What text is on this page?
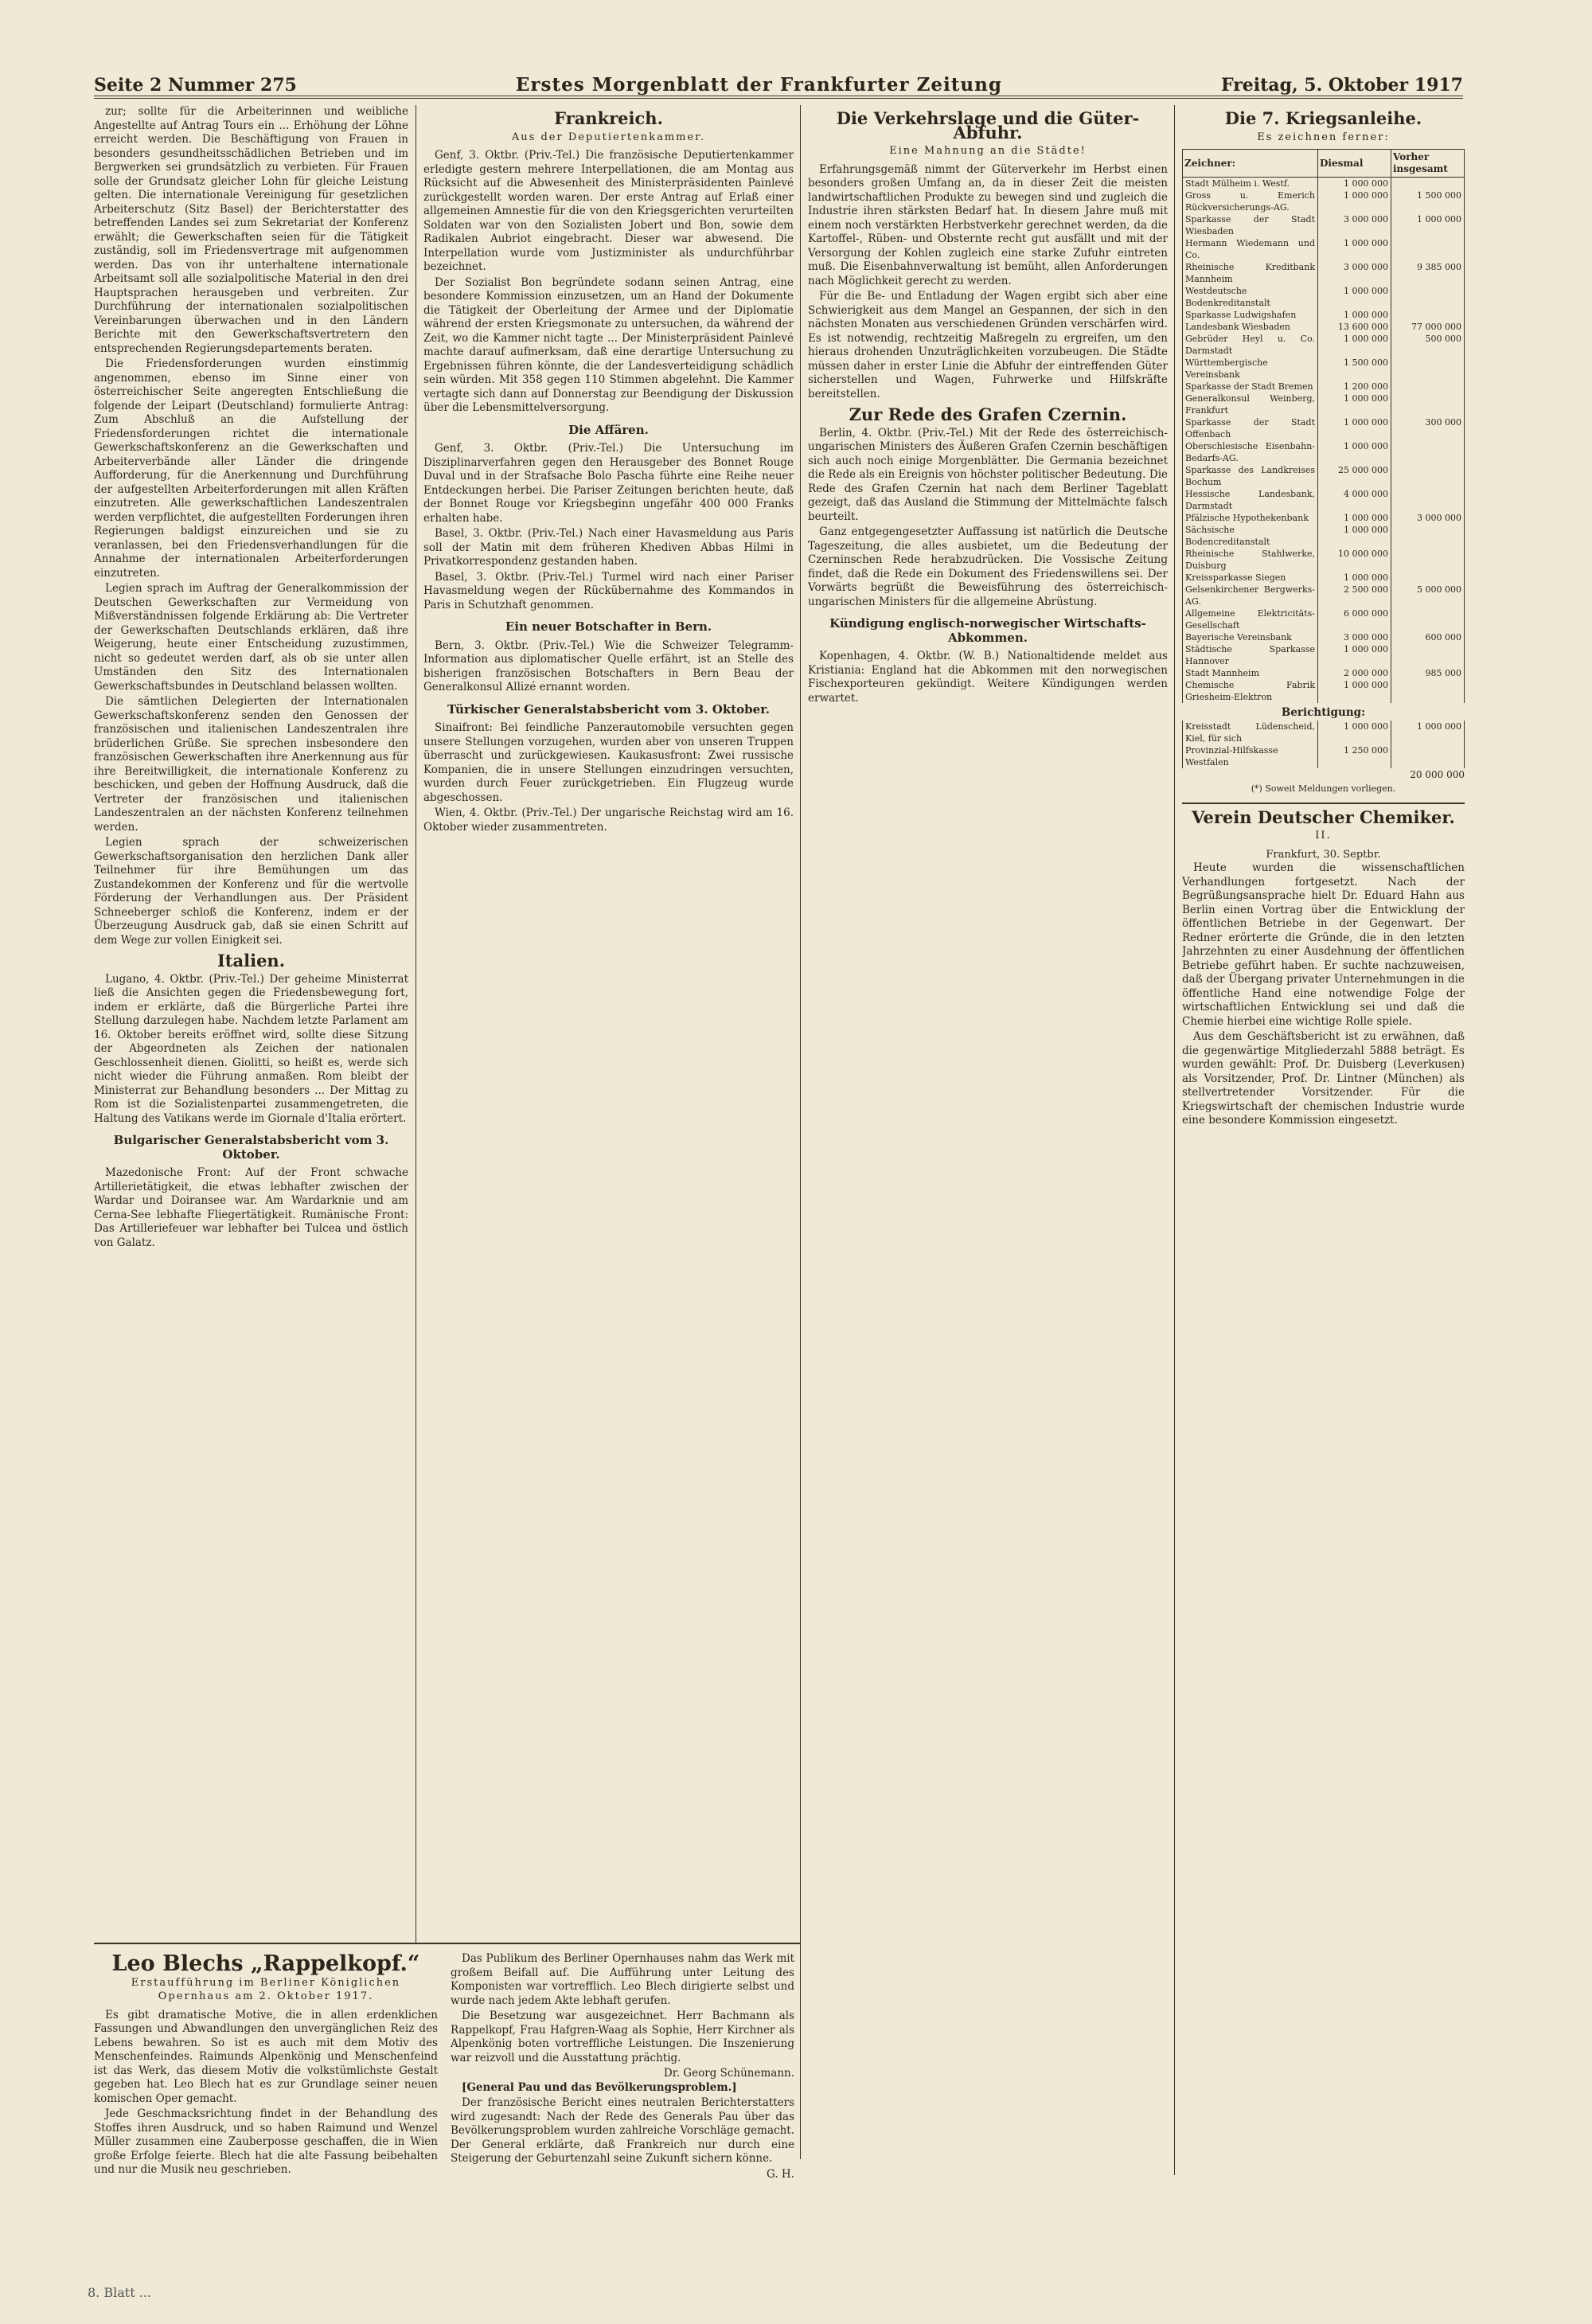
Seite 2 Nummer 275	Erstes Morgenblatt der Frankfurter Zeitung	Freitag, 5. Oktober 1917

zur; sollte für die Arbeiterinnen und weibliche Angestellte auf Antrag Tours ein ... Erhöhung der Löhne erreicht werden. Die Beschäftigung von Frauen in besonders gesundheitsschädlichen Betrieben und im Bergwerken sei grundsätzlich zu verbieten. Für Frauen solle der Grundsatz gleicher Lohn für gleiche Leistung gelten. Die internationale Vereinigung für gesetzlichen Arbeiterschutz (Sitz Basel) der Berichterstatter des betreffenden Landes sei zum Sekretariat der Konferenz erwählt; die Gewerkschaften seien für die Tätigkeit zuständig, soll im Friedensvertrage mit aufgenommen werden. Das von ihr unterhaltene internationale Arbeitsamt soll alle sozialpolitische Material in den drei Hauptsprachen herausgeben und verbreiten. Zur Durchführung der internationalen sozialpolitischen Vereinbarungen überwachen und in den Ländern Berichte mit den Gewerkschaftsvertretern den entsprechenden Regierungsdepartements beraten.

Die Friedensforderungen wurden einstimmig angenommen, ebenso im Sinne einer von österreichischer Seite angeregten Entschließung die folgende der Leipart (Deutschland) formulierte Antrag: Zum Abschluß an die Aufstellung der Friedensforderungen richtet die internationale Gewerkschaftskonferenz an die Gewerkschaften und Arbeiterverbände aller Länder die dringende Aufforderung, für die Anerkennung und Durchführung der aufgestellten Arbeiterforderungen mit allen Kräften einzutreten. Alle gewerkschaftlichen Landeszentralen werden verpflichtet, die aufgestellten Forderungen ihren Regierungen baldigst einzureichen und sie zu veranlassen, bei den Friedensverhandlungen für die Annahme der internationalen Arbeiterforderungen einzutreten.

Legien sprach im Auftrag der Generalkommission der Deutschen Gewerkschaften zur Vermeidung von Mißverständnissen folgende Erklärung ab: Die Vertreter der Gewerkschaften Deutschlands erklären, daß ihre Weigerung, heute einer Entscheidung zuzustimmen, nicht so gedeutet werden darf, als ob sie unter allen Umständen den Sitz des Internationalen Gewerkschaftsbundes in Deutschland belassen wollten.

Die sämtlichen Delegierten der Internationalen Gewerkschaftskonferenz senden den Genossen der französischen und italienischen Landeszentralen ihre brüderlichen Grüße. Sie sprechen insbesondere den französischen Gewerkschaften ihre Anerkennung aus für ihre Bereitwilligkeit, die internationale Konferenz zu beschicken, und geben der Hoffnung Ausdruck, daß die Vertreter der französischen und italienischen Landeszentralen an der nächsten Konferenz teilnehmen werden.

Legien sprach der schweizerischen Gewerkschaftsorganisation den herzlichen Dank aller Teilnehmer für ihre Bemühungen um das Zustandekommen der Konferenz und für die wertvolle Förderung der Verhandlungen aus. Der Präsident Schneeberger schloß die Konferenz, indem er der Überzeugung Ausdruck gab, daß sie einen Schritt auf dem Wege zur vollen Einigkeit sei.

Italien.

Lugano, 4. Oktbr. (Priv.-Tel.) Der geheime Ministerrat ließ die Ansichten gegen die Friedensbewegung fort, indem er erklärte, daß die Bürgerliche Partei ihre Stellung darzulegen habe. Nachdem letzte Parlament am 16. Oktober bereits eröffnet wird, sollte diese Sitzung der Abgeordneten als Zeichen der nationalen Geschlossenheit dienen. Giolitti, so heißt es, werde sich nicht wieder die Führung anmaßen. Rom bleibt der Ministerrat zur Behandlung besonders ... Der Mittag zu Rom ist die Sozialistenpartei zusammengetreten, die Haltung des Vatikans werde im Giornale d'Italia erörtert.

Bulgarischer Generalstabsbericht vom 3. Oktober.

Mazedonische Front: Auf der Front schwache Artillerietätigkeit, die etwas lebhafter zwischen der Wardar und Doiransee war. Am Wardarknie und am Cerna-See lebhafte Fliegertätigkeit. Rumänische Front: Das Artilleriefeuer war lebhafter bei Tulcea und östlich von Galatz.

Frankreich.
Aus der Deputiertenkammer.

Genf, 3. Oktbr. (Priv.-Tel.) Die französische Deputiertenkammer erledigte gestern mehrere Interpellationen, die am Montag aus Rücksicht auf die Abwesenheit des Ministerpräsidenten Painlevé zurückgestellt worden waren. Der erste Antrag auf Erlaß einer allgemeinen Amnestie für die von den Kriegsgerichten verurteilten Soldaten war von den Sozialisten Jobert und Bon, sowie dem Radikalen Aubriot eingebracht. Dieser war abwesend. Die Interpellation wurde vom Justizminister als undurchführbar bezeichnet.

Der Sozialist Bon begründete sodann seinen Antrag, eine besondere Kommission einzusetzen, um an Hand der Dokumente die Tätigkeit der Oberleitung der Armee und der Diplomatie während der ersten Kriegsmonate zu untersuchen, da während der Zeit, wo die Kammer nicht tagte ... Der Ministerpräsident Painlevé machte darauf aufmerksam, daß eine derartige Untersuchung zu Ergebnissen führen könnte, die der Landesverteidigung schädlich sein würden. Mit 358 gegen 110 Stimmen abgelehnt. Die Kammer vertagte sich dann auf Donnerstag zur Beendigung der Diskussion über die Lebensmittelversorgung.

Die Affären.

Genf, 3. Oktbr. (Priv.-Tel.) Die Untersuchung im Disziplinarverfahren gegen den Herausgeber des Bonnet Rouge Duval und in der Strafsache Bolo Pascha führte eine Reihe neuer Entdeckungen herbei. Die Pariser Zeitungen berichten heute, daß der Bonnet Rouge vor Kriegsbeginn ungefähr 400 000 Franks erhalten habe.

Basel, 3. Oktbr. (Priv.-Tel.) Nach einer Havasmeldung aus Paris soll der Matin mit dem früheren Khediven Abbas Hilmi in Privatkorrespondenz gestanden haben.

Basel, 3. Oktbr. (Priv.-Tel.) Turmel wird nach einer Pariser Havasmeldung wegen der Rückübernahme des Kommandos in Paris in Schutzhaft genommen.

Ein neuer Botschafter in Bern.

Bern, 3. Oktbr. (Priv.-Tel.) Wie die Schweizer Telegramm-Information aus diplomatischer Quelle erfährt, ist an Stelle des bisherigen französischen Botschafters in Bern Beau der Generalkonsul Allizé ernannt worden.

Türkischer Generalstabsbericht vom 3. Oktober.

Sinaifront: Bei feindliche Panzerautomobile versuchten gegen unsere Stellungen vorzugehen, wurden aber von unseren Truppen überrascht und zurückgewiesen. Kaukasusfront: Zwei russische Kompanien, die in unsere Stellungen einzudringen versuchten, wurden durch Feuer zurückgetrieben. Ein Flugzeug wurde abgeschossen.

Wien, 4. Oktbr. (Priv.-Tel.) Der ungarische Reichstag wird am 16. Oktober wieder zusammentreten.

Die Verkehrslage und die Güter-Abfuhr.
Eine Mahnung an die Städte!

Erfahrungsgemäß nimmt der Güterverkehr im Herbst einen besonders großen Umfang an, da in dieser Zeit die meisten landwirtschaftlichen Produkte zu bewegen sind und zugleich die Industrie ihren stärksten Bedarf hat. In diesem Jahre muß mit einem noch verstärkten Herbstverkehr gerechnet werden, da die Kartoffel-, Rüben- und Obsternte recht gut ausfällt und mit der Versorgung der Kohlen zugleich eine starke Zufuhr eintreten muß. Die Eisenbahnverwaltung ist bemüht, allen Anforderungen nach Möglichkeit gerecht zu werden.

Für die Be- und Entladung der Wagen ergibt sich aber eine Schwierigkeit aus dem Mangel an Gespannen, der sich in den nächsten Monaten aus verschiedenen Gründen verschärfen wird. Es ist notwendig, rechtzeitig Maßregeln zu ergreifen, um den hieraus drohenden Unzuträglichkeiten vorzubeugen. Die Städte müssen daher in erster Linie die Abfuhr der eintreffenden Güter sicherstellen und Wagen, Fuhrwerke und Hilfskräfte bereitstellen.

Zur Rede des Grafen Czernin.

Berlin, 4. Oktbr. (Priv.-Tel.) Mit der Rede des österreichisch-ungarischen Ministers des Äußeren Grafen Czernin beschäftigen sich auch noch einige Morgenblätter. Die Germania bezeichnet die Rede als ein Ereignis von höchster politischer Bedeutung. Die Rede des Grafen Czernin hat nach dem Berliner Tageblatt gezeigt, daß das Ausland die Stimmung der Mittelmächte falsch beurteilt.

Ganz entgegengesetzter Auffassung ist natürlich die Deutsche Tageszeitung, die alles ausbietet, um die Bedeutung der Czerninschen Rede herabzudrücken. Die Vossische Zeitung findet, daß die Rede ein Dokument des Friedenswillens sei. Der Vorwärts begrüßt die Beweisführung des österreichisch-ungarischen Ministers für die allgemeine Abrüstung.

Kündigung englisch-norwegischer Wirtschafts-Abkommen.

Kopenhagen, 4. Oktbr. (W. B.) Nationaltidende meldet aus Kristiania: England hat die Abkommen mit den norwegischen Fischexporteuren gekündigt. Weitere Kündigungen werden erwartet.

Die 7. Kriegsanleihe.
Es zeichnen ferner:
Zeichner:	Diesmal	Vorher insgesamt
Stadt Mülheim i. Westf.	1 000 000	
Gross u. Emerich Rückversicherungs-AG.	1 000 000	1 500 000
Sparkasse der Stadt Wiesbaden	3 000 000	1 000 000
Hermann Wiedemann und Co.	1 000 000	
Rheinische Kreditbank Mannheim	3 000 000	9 385 000
Westdeutsche Bodenkreditanstalt	1 000 000	
Sparkasse Ludwigshafen	1 000 000	
Landesbank Wiesbaden	13 600 000	77 000 000
Gebrüder Heyl u. Co. Darmstadt	1 000 000	500 000
Württembergische Vereinsbank	1 500 000	
Sparkasse der Stadt Bremen	1 200 000	
Generalkonsul Weinberg, Frankfurt	1 000 000	
Sparkasse der Stadt Offenbach	1 000 000	300 000
Oberschlesische Eisenbahn-Bedarfs-AG.	1 000 000	
Sparkasse des Landkreises Bochum	25 000 000	
Hessische Landesbank, Darmstadt	4 000 000	
Pfälzische Hypothekenbank	1 000 000	3 000 000
Sächsische Bodencreditanstalt	1 000 000	
Rheinische Stahlwerke, Duisburg	10 000 000	
Kreissparkasse Siegen	1 000 000	
Gelsenkirchener Bergwerks-AG.	2 500 000	5 000 000
Allgemeine Elektricitäts-Gesellschaft	6 000 000	
Bayerische Vereinsbank	3 000 000	600 000
Städtische Sparkasse Hannover	1 000 000	
Stadt Mannheim	2 000 000	985 000
Chemische Fabrik Griesheim-Elektron	1 000 000	
Berichtigung:
Kreisstadt Lüdenscheid, Kiel, für sich	1 000 000	1 000 000
Provinzial-Hilfskasse Westfalen	1 250 000	
20 000 000
(*) Soweit Meldungen vorliegen.
Verein Deutscher Chemiker.
II.
Frankfurt, 30. Septbr.

Heute wurden die wissenschaftlichen Verhandlungen fortgesetzt. Nach der Begrüßungsansprache hielt Dr. Eduard Hahn aus Berlin einen Vortrag über die Entwicklung der öffentlichen Betriebe in der Gegenwart. Der Redner erörterte die Gründe, die in den letzten Jahrzehnten zu einer Ausdehnung der öffentlichen Betriebe geführt haben. Er suchte nachzuweisen, daß der Übergang privater Unternehmungen in die öffentliche Hand eine notwendige Folge der wirtschaftlichen Entwicklung sei und daß die Chemie hierbei eine wichtige Rolle spiele.

Aus dem Geschäftsbericht ist zu erwähnen, daß die gegenwärtige Mitgliederzahl 5888 beträgt. Es wurden gewählt: Prof. Dr. Duisberg (Leverkusen) als Vorsitzender, Prof. Dr. Lintner (München) als stellvertretender Vorsitzender. Für die Kriegswirtschaft der chemischen Industrie wurde eine besondere Kommission eingesetzt.

Leo Blechs „Rappelkopf.“
Erstaufführung im Berliner Königlichen Opernhaus am 2. Oktober 1917.

Es gibt dramatische Motive, die in allen erdenklichen Fassungen und Abwandlungen den unvergänglichen Reiz des Lebens bewahren. So ist es auch mit dem Motiv des Menschenfeindes. Raimunds Alpenkönig und Menschenfeind ist das Werk, das diesem Motiv die volkstümlichste Gestalt gegeben hat. Leo Blech hat es zur Grundlage seiner neuen komischen Oper gemacht.

Jede Geschmacksrichtung findet in der Behandlung des Stoffes ihren Ausdruck, und so haben Raimund und Wenzel Müller zusammen eine Zauberposse geschaffen, die in Wien große Erfolge feierte. Blech hat die alte Fassung beibehalten und nur die Musik neu geschrieben.

Das Publikum des Berliner Opernhauses nahm das Werk mit großem Beifall auf. Die Aufführung unter Leitung des Komponisten war vortrefflich. Leo Blech dirigierte selbst und wurde nach jedem Akte lebhaft gerufen.

Die Besetzung war ausgezeichnet. Herr Bachmann als Rappelkopf, Frau Hafgren-Waag als Sophie, Herr Kirchner als Alpenkönig boten vortreffliche Leistungen. Die Inszenierung war reizvoll und die Ausstattung prächtig.

Dr. Georg Schünemann.

[General Pau und das Bevölkerungsproblem.]

Der französische Bericht eines neutralen Berichterstatters wird zugesandt: Nach der Rede des Generals Pau über das Bevölkerungsproblem wurden zahlreiche Vorschläge gemacht. Der General erklärte, daß Frankreich nur durch eine Steigerung der Geburtenzahl seine Zukunft sichern könne.

G. H.
8. Blatt ...
